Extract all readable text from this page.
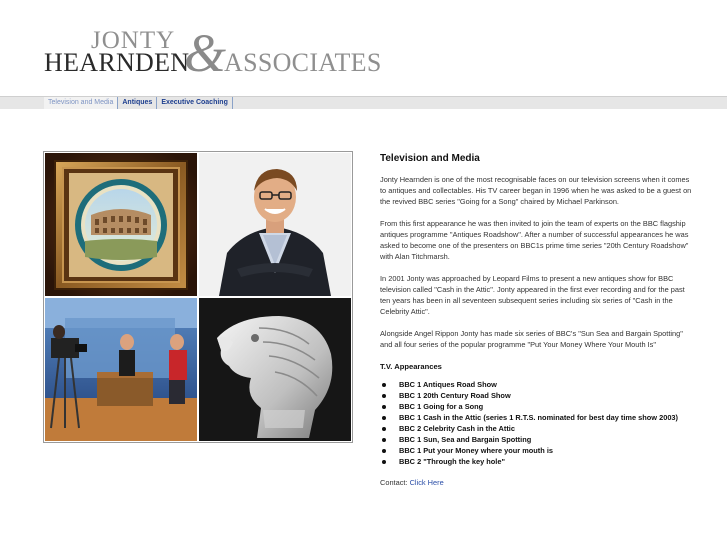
JONTY
HEARNDEN
&
ASSOCIATES
Television and Media	Antiques	Executive Coaching
Television and Media

Jonty Hearnden is one of the most recognisable faces on our television screens when it comes to antiques and collectables. His TV career began in 1996 when he was asked to be a guest on the revived BBC series "Going for a Song" chaired by Michael Parkinson.

From this first appearance he was then invited to join the team of experts on the BBC flagship antiques programme "Antiques Roadshow". After a number of successful appearances he was asked to become one of the presenters on BBC1s prime time series "20th Century Roadshow" with Alan Titchmarsh.

In 2001 Jonty was approached by Leopard Films to present a new antiques show for BBC television called "Cash in the Attic". Jonty appeared in the first ever recording and for the past ten years has been in all seventeen subsequent series including six series of "Cash in the Celebrity Attic".

Alongside Angel Rippon Jonty has made six series of BBC's "Sun Sea and Bargain Spotting" and all four series of the popular programme "Put Your Money Where Your Mouth Is"

T.V. Appearances
BBC 1 Antiques Road Show
BBC 1 20th Century Road Show
BBC 1 Going for a Song
BBC 1 Cash in the Attic (series 1 R.T.S. nominated for best day time show 2003)
BBC 2 Celebrity Cash in the Attic
BBC 1 Sun, Sea and Bargain Spotting
BBC 1 Put your Money where your mouth is
BBC 2 "Through the key hole"
Contact: Click Here
